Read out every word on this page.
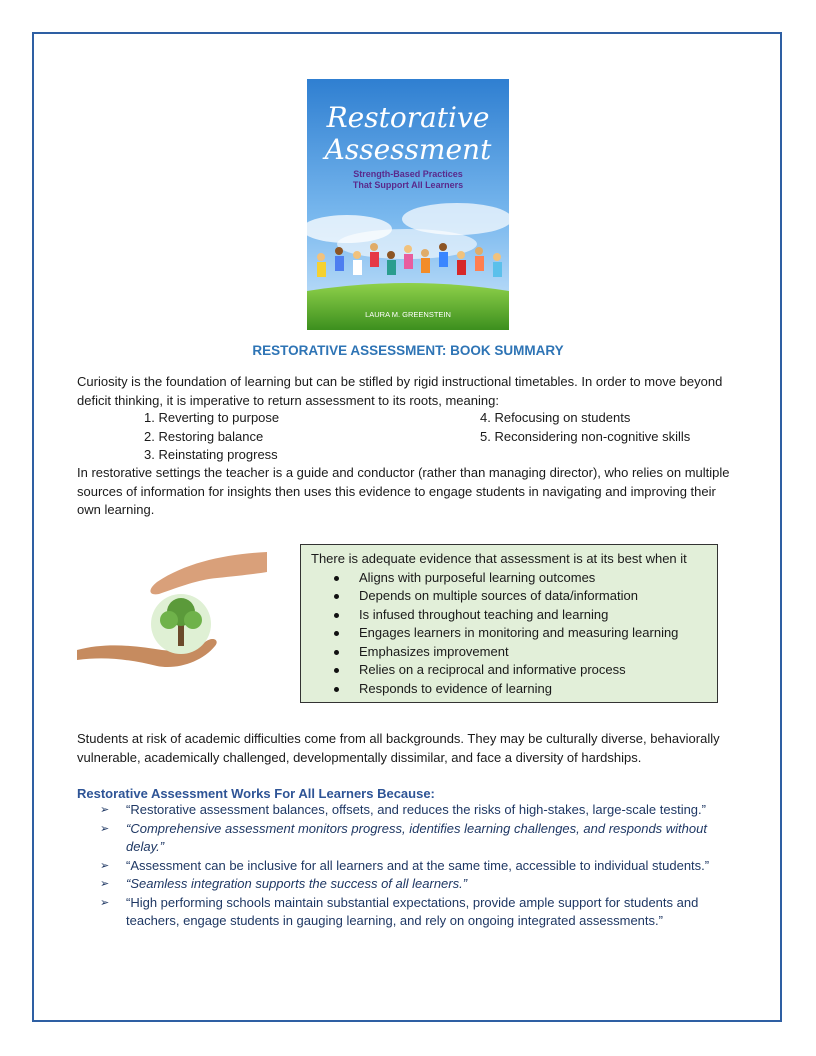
Restorative
Assessment
Strength-Based Practices
That Support All Learners
LAURA M. GREENSTEIN
RESTORATIVE ASSESSMENT: BOOK SUMMARY

Curiosity is the foundation of learning but can be stifled by rigid instructional timetables. In order to move beyond deficit thinking, it is imperative to return assessment to its roots, meaning:

1. Reverting to purpose
2. Restoring balance
3. Reinstating progress
4. Refocusing on students
5. Reconsidering non-cognitive skills

In restorative settings the teacher is a guide and conductor (rather than managing director), who relies on multiple sources of information for insights then uses this evidence to engage students in navigating and improving their own learning.

There is adequate evidence that assessment is at its best when it
Aligns with purposeful learning outcomes
Depends on multiple sources of data/information
Is infused throughout teaching and learning
Engages learners in monitoring and measuring learning
Emphasizes improvement
Relies on a reciprocal and informative process
Responds to evidence of learning

Students at risk of academic difficulties come from all backgrounds. They may be culturally diverse, behaviorally vulnerable, academically challenged, developmentally dissimilar, and face a diversity of hardships.

Restorative Assessment Works For All Learners Because:
➢ “Restorative assessment balances, offsets, and reduces the risks of high-stakes, large-scale testing.”
➢ “Comprehensive assessment monitors progress, identifies learning challenges, and responds without delay.”
➢ “Assessment can be inclusive for all learners and at the same time, accessible to individual students.”
➢ “Seamless integration supports the success of all learners.”
➢ “High performing schools maintain substantial expectations, provide ample support for students and teachers, engage students in gauging learning, and rely on ongoing integrated assessments.”
